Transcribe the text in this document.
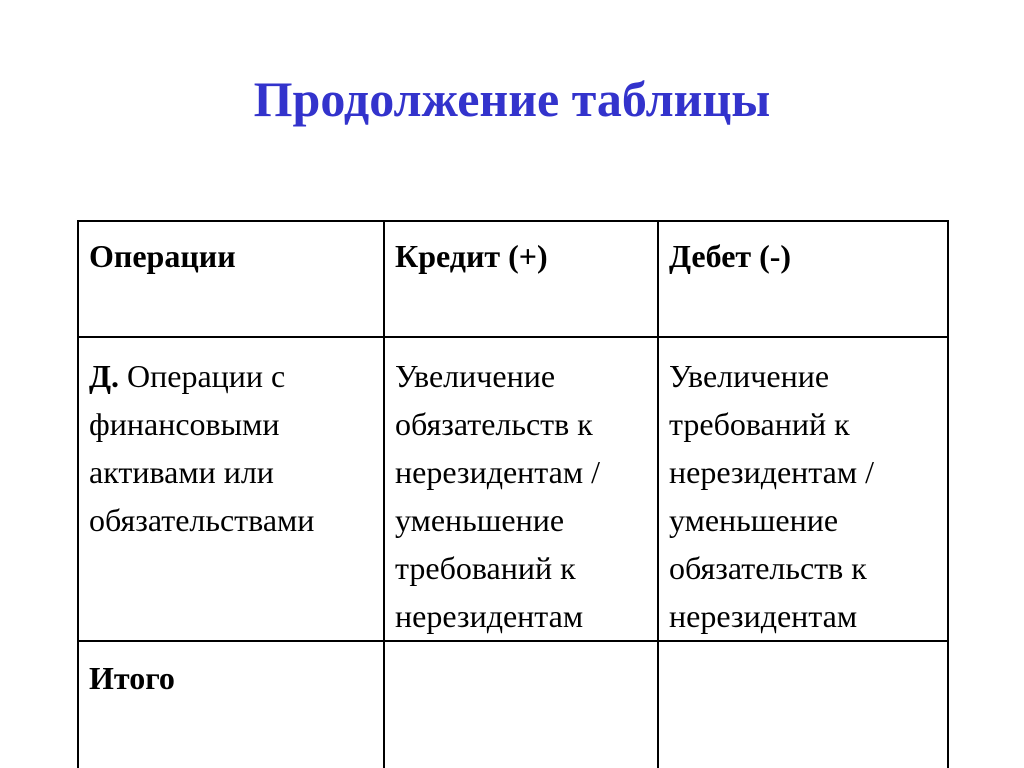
Продолжение таблицы
Операции	Кредит (+)	Дебет (-)
Д. Операции с финансовыми активами или обязательствами	Увеличение обязательств к нерезидентам / уменьшение требований к нерезидентам	Увеличение требований к нерезидентам / уменьшение обязательств к нерезидентам

Итого		
